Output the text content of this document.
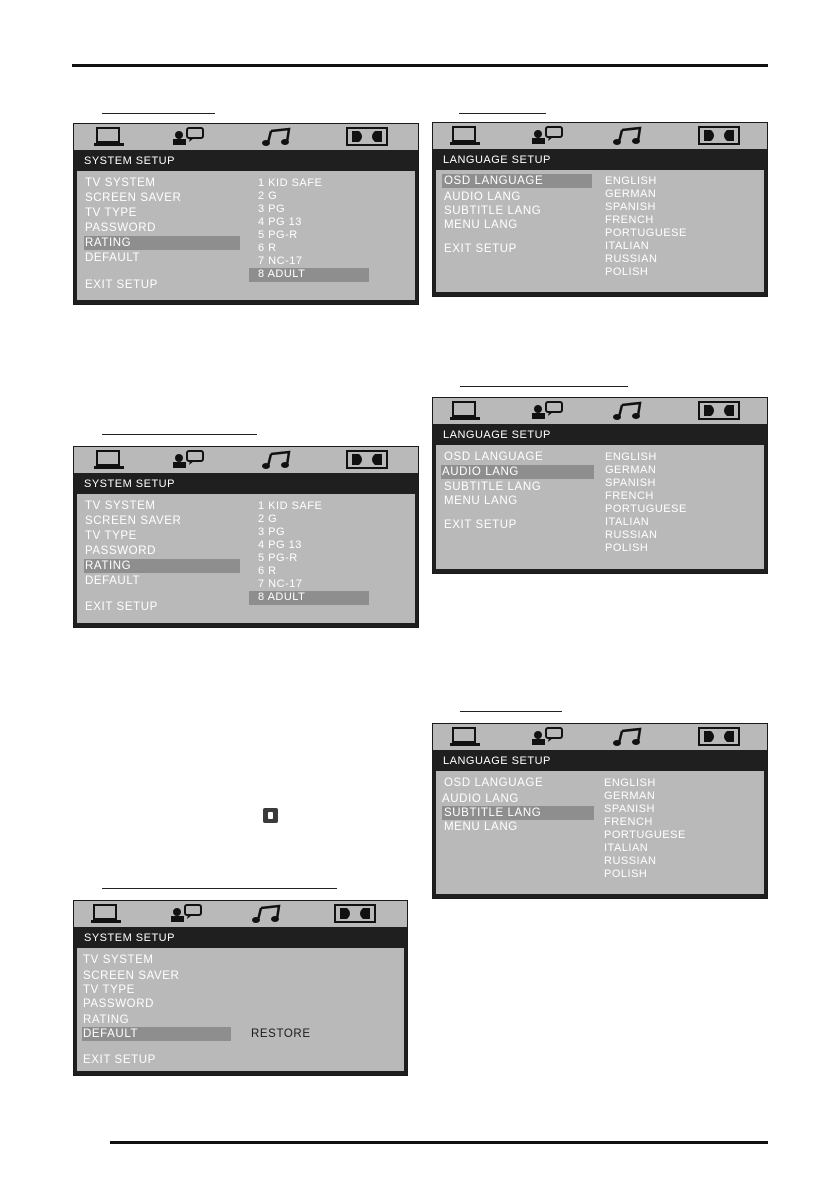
SYSTEM SETUP
TV SYSTEM
SCREEN SAVER
TV TYPE
PASSWORD
RATING
DEFAULT
EXIT SETUP
1 KID SAFE
2 G
3 PG
4 PG 13
5 PG-R
6 R
7 NC-17
8 ADULT
LANGUAGE SETUP
OSD LANGUAGE
AUDIO LANG
SUBTITLE LANG
MENU LANG
EXIT SETUP
ENGLISH
GERMAN
SPANISH
FRENCH
PORTUGUESE
ITALIAN
RUSSIAN
POLISH
LANGUAGE SETUP
OSD LANGUAGE
AUDIO LANG
SUBTITLE LANG
MENU LANG
EXIT SETUP
ENGLISH
GERMAN
SPANISH
FRENCH
PORTUGUESE
ITALIAN
RUSSIAN
POLISH
SYSTEM SETUP
TV SYSTEM
SCREEN SAVER
TV TYPE
PASSWORD
RATING
DEFAULT
EXIT SETUP
1 KID SAFE
2 G
3 PG
4 PG 13
5 PG-R
6 R
7 NC-17
8 ADULT
LANGUAGE SETUP
OSD LANGUAGE
AUDIO LANG
SUBTITLE LANG
MENU LANG
ENGLISH
GERMAN
SPANISH
FRENCH
PORTUGUESE
ITALIAN
RUSSIAN
POLISH
SYSTEM SETUP
TV SYSTEM
SCREEN SAVER
TV TYPE
PASSWORD
RATING
DEFAULT
EXIT SETUP
RESTORE
